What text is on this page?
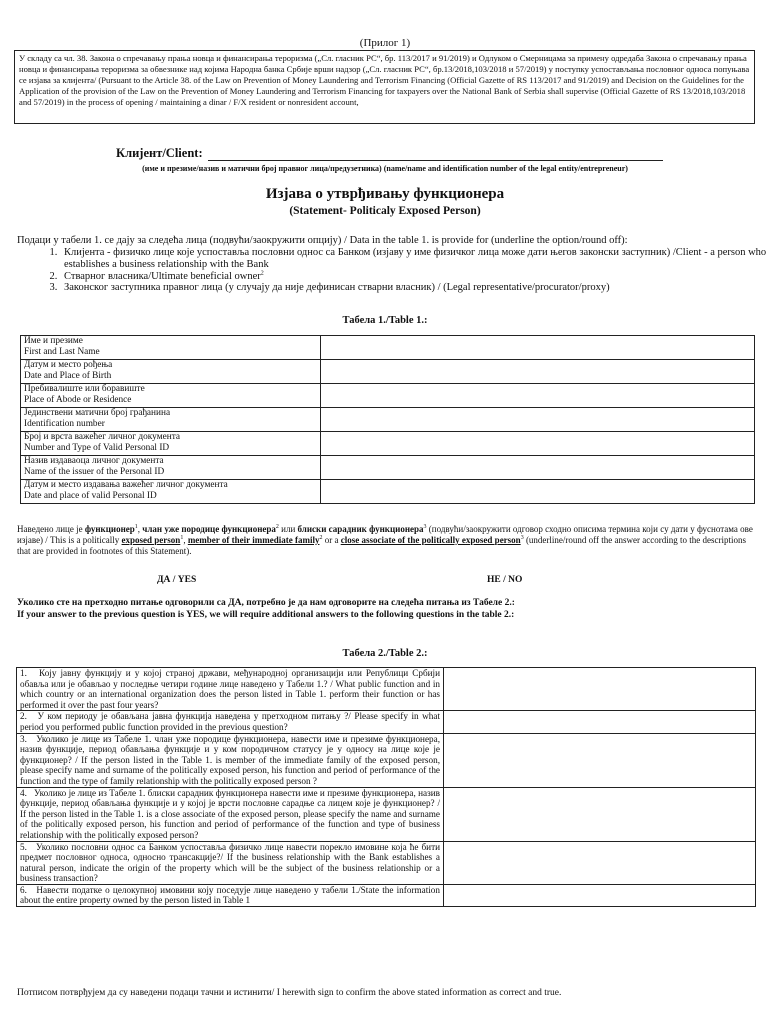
(Прилог 1)
У складу са чл. 38. Закона о спречавању прања новца и финансирања тероризма („Сл. гласник РС“, бр. 113/2017 и 91/2019) и Одлуком о Смерницама за примену одредаба Закона о спречавању прања новца и финансирања тероризма за обвезнике над којима Народна банка Србије врши надзор („Сл. гласник РС“, бр.13/2018,103/2018 и 57/2019) у поступку успостављања пословног односа попуњава се изјава за клијента/ (Pursuant to the Article 38. of the Law on Prevention of Money Laundering and Terrorism Financing (Official Gazette of RS 113/2017 and 91/2019) and Decision on the Guidelines for the Application of the provision of the Law on the Prevention of Money Laundering and Terrorism Financing for taxpayers over the National Bank of Serbia shall supervise (Official Gazette of RS 13/2018,103/2018 and 57/2019) in the process of opening / maintaining a dinar / F/X resident or nonresident account,
Клијент/Client:
(име и презиме/назив и матични број правног лица/предузетника) (name/name and identification number of the legal entity/entrepreneur)
Изјава о утврђивању функционера
(Statement- Politicaly Exposed Person)
Подаци у табели 1. се дају за следећа лица (подвући/заокружити опцију) / Data in the table 1. is provide for (underline the option/round off):
1. Клијента - физичко лице које успоставља пословни однос са Банком (изјаву у име физичког лица може дати његов законски заступник) /Client - a person who establishes a business relationship with the Bank
2. Стварног власника/Ultimate beneficial owner$^2$
3. Законског заступника правног лица (у случају да није дефинисан стварни власник) / (Legal representative/procurator/proxy)
Табела 1./Table 1.:
Име и презиме
First and Last Name	

Датум и место рођења
Date and Place of Birth	

Пребивалиште или боравиште
Place of Abode or Residence	

Јединствени матични број грађанина
Identification number	

Број и врста важећег личног документа
Number and Type of Valid Personal ID	

Назив издаваоца личног документа
Name of the issuer of the Personal ID	

Датум и место издавања важећег личног документа
Date and place of valid Personal ID	

Наведено лице је функционер$^1$, члан уже породице функционера$^2$ или блиски сарадник функционера$^3$ (подвући/заокружити одговор сходно описима термина који су дати у фуснотама ове изјаве) / This is a politically exposed person$^1$, member of their immediate family$^2$ or a close associate of the politically exposed person$^3$ (underline/round off the answer according to the descriptions that are provided in footnotes of this Statement).
ДА / YES	НЕ / NO
Уколико сте на претходно питање одговорили са ДА, потребно је да нам одговорите на следећа питања из Табеле 2.:
If your answer to the previous question is YES, we will require additional answers to the following questions in the table 2.:
Табела 2./Table 2.:
1. Коју јавну функцију и у којој страној држави, међународној организацији или Републици Србији обавља или је обављао у последње четири године лице наведено у Табели 1.? / What public function and in which country or an international organization does the person listed in Table 1. perform their function or has performed it over the past four years?	
2. У ком периоду је обављана јавна функција наведена у претходном питању ?/ Please specify in what period you performed public function provided in the previous question?	
3. Уколико је лице из Табеле 1. члан уже породице функционера, навести име и презиме функционера, назив функције, период обављања функције и у ком породичном статусу је у односу на лице које је функционер? / If the person listed in the Table 1. is member of the immediate family of the exposed person, please specify name and surname of the politically exposed person, his function and period of performance of the function and the type of family relationship with the politically exposed person ?	
4. Уколико је лице из Табеле 1. блиски сарадник функционера навести име и презиме функционера, назив функције, период обављања функције и у којој је врсти пословне сарадње са лицем које је функционер? / If the person listed in the Table 1. is a close associate of the exposed person, please specify the name and surname of the politically exposed person, his function and period of performance of the function and type of business relationship with the politically exposed person?	
5. Уколико пословни однос са Банком успоставља физичко лице навести порекло имовине која ће бити предмет пословног односа, односно трансакције?/ If the business relationship with the Bank establishes a natural person, indicate the origin of the property which will be the subject of the business relationship or a business transaction?	
6. Навести податке о целокупној имовини коју поседује лице наведено у табели 1./State the information about the entire property owned by the person listed in Table 1	
Потписом потврђујем да су наведени подаци тачни и истинити/ I herewith sign to confirm the above stated information as correct and true.
